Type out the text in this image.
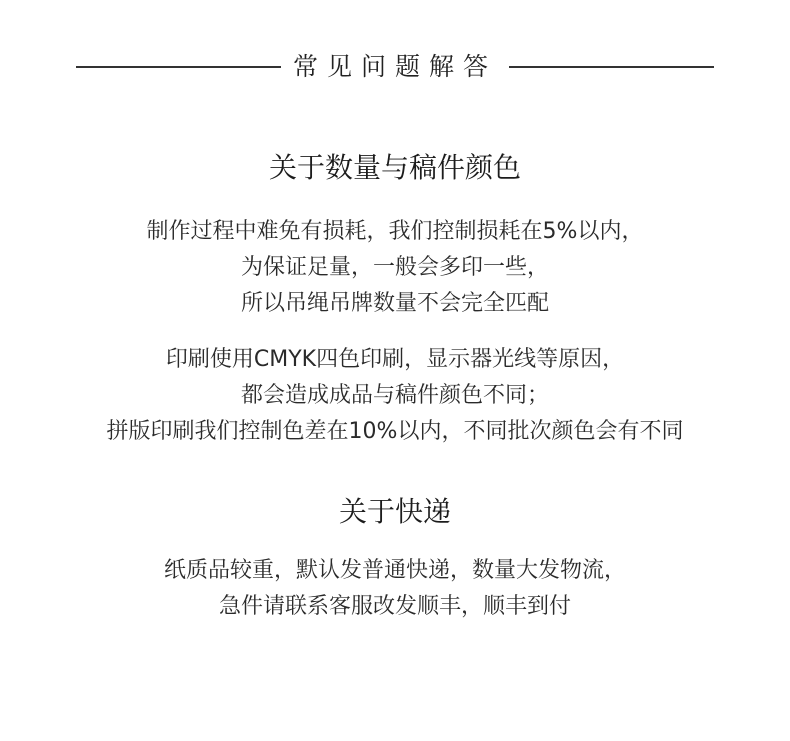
常见问题解答
关于数量与稿件颜色
制作过程中难免有损耗，我们控制损耗在5%以内，
为保证足量，一般会多印一些，
所以吊绳吊牌数量不会完全匹配
印刷使用CMYK四色印刷，显示器光线等原因，
都会造成成品与稿件颜色不同；
拼版印刷我们控制色差在10%以内，不同批次颜色会有不同
关于快递
纸质品较重，默认发普通快递，数量大发物流，
急件请联系客服改发顺丰，顺丰到付
